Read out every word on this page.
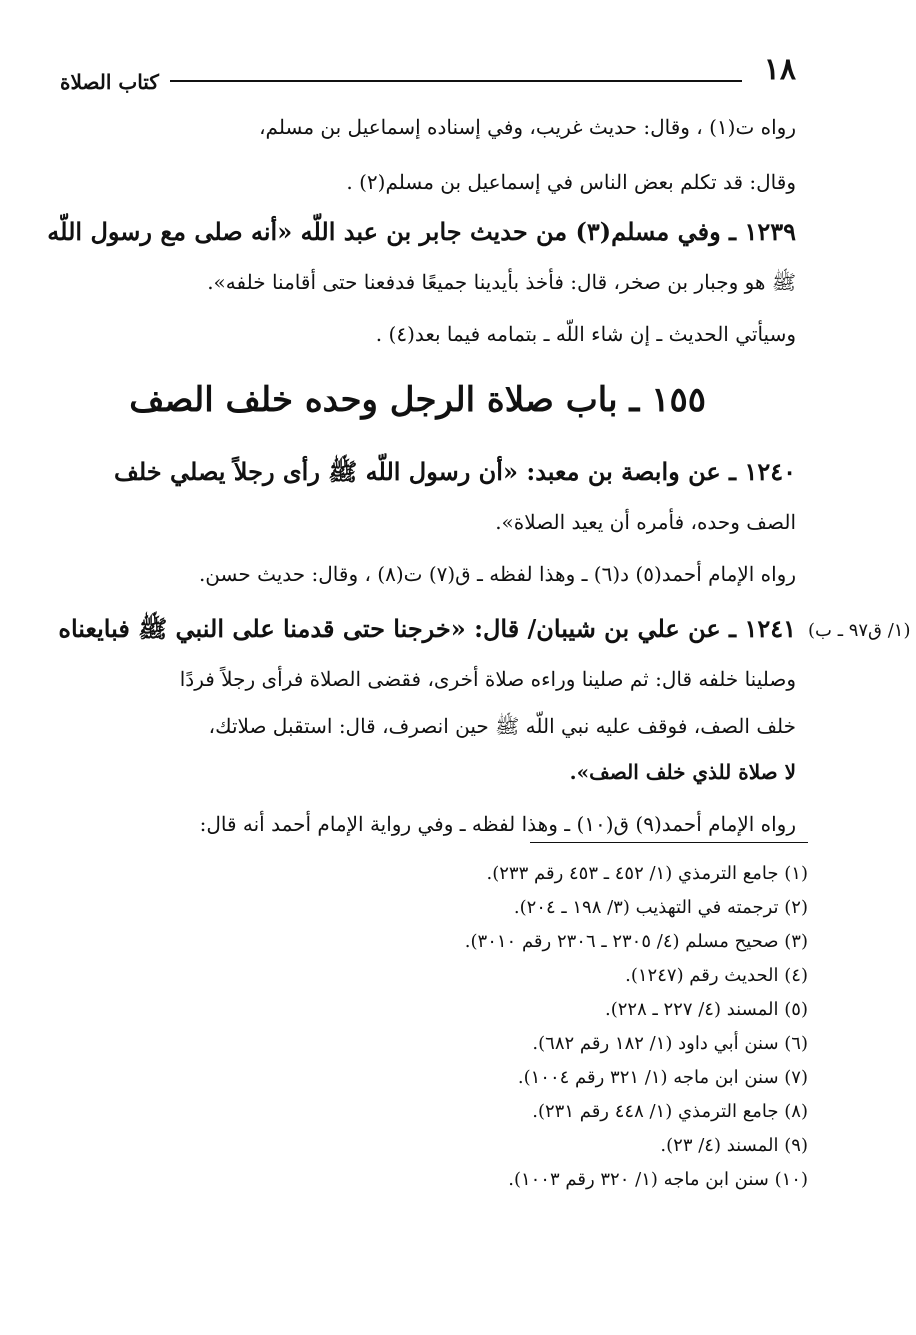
١٨
كتاب الصلاة
رواه ت(١) ، وقال: حديث غريب، وفي إسناده إسماعيل بن مسلم،
وقال: قد تكلم بعض الناس في إسماعيل بن مسلم(٢) .
١٢٣٩ ـ وفي مسلم(٣) من حديث جابر بن عبد اللّه «أنه صلى مع رسول اللّه
ﷺ هو وجبار بن صخر، قال: فأخذ بأيدينا جميعًا فدفعنا حتى أقامنا خلفه».
وسيأتي الحديث ـ إن شاء اللّه ـ بتمامه فيما بعد(٤) .
١٥٥ ـ باب صلاة الرجل وحده خلف الصف
١٢٤٠ ـ عن وابصة بن معبد: «أن رسول اللّه ﷺ رأى رجلاً يصلي خلف
الصف وحده، فأمره أن يعيد الصلاة».
رواه الإمام أحمد(٥) د(٦) ـ وهذا لفظه ـ ق(٧) ت(٨) ، وقال: حديث حسن.
١٢٤١ ـ عن علي بن شيبان/ قال: «خرجنا حتى قدمنا على النبي ﷺ فبايعناه
وصلينا خلفه قال: ثم صلينا وراءه صلاة أخرى، فقضى الصلاة فرأى رجلاً فردًا
خلف الصف، فوقف عليه نبي اللّه ﷺ حين انصرف، قال: استقبل صلاتك،
لا صلاة للذي خلف الصف».
رواه الإمام أحمد(٩) ق(١٠) ـ وهذا لفظه ـ وفي رواية الإمام أحمد أنه قال:
(١/ ق٩٧ ـ ب)
(١) جامع الترمذي (١/ ٤٥٢ ـ ٤٥٣ رقم ٢٣٣).
(٢) ترجمته في التهذيب (٣/ ١٩٨ ـ ٢٠٤).
(٣) صحيح مسلم (٤/ ٢٣٠٥ ـ ٢٣٠٦ رقم ٣٠١٠).
(٤) الحديث رقم (١٢٤٧).
(٥) المسند (٤/ ٢٢٧ ـ ٢٢٨).
(٦) سنن أبي داود (١/ ١٨٢ رقم ٦٨٢).
(٧) سنن ابن ماجه (١/ ٣٢١ رقم ١٠٠٤).
(٨) جامع الترمذي (١/ ٤٤٨ رقم ٢٣١).
(٩) المسند (٤/ ٢٣).
(١٠) سنن ابن ماجه (١/ ٣٢٠ رقم ١٠٠٣).
